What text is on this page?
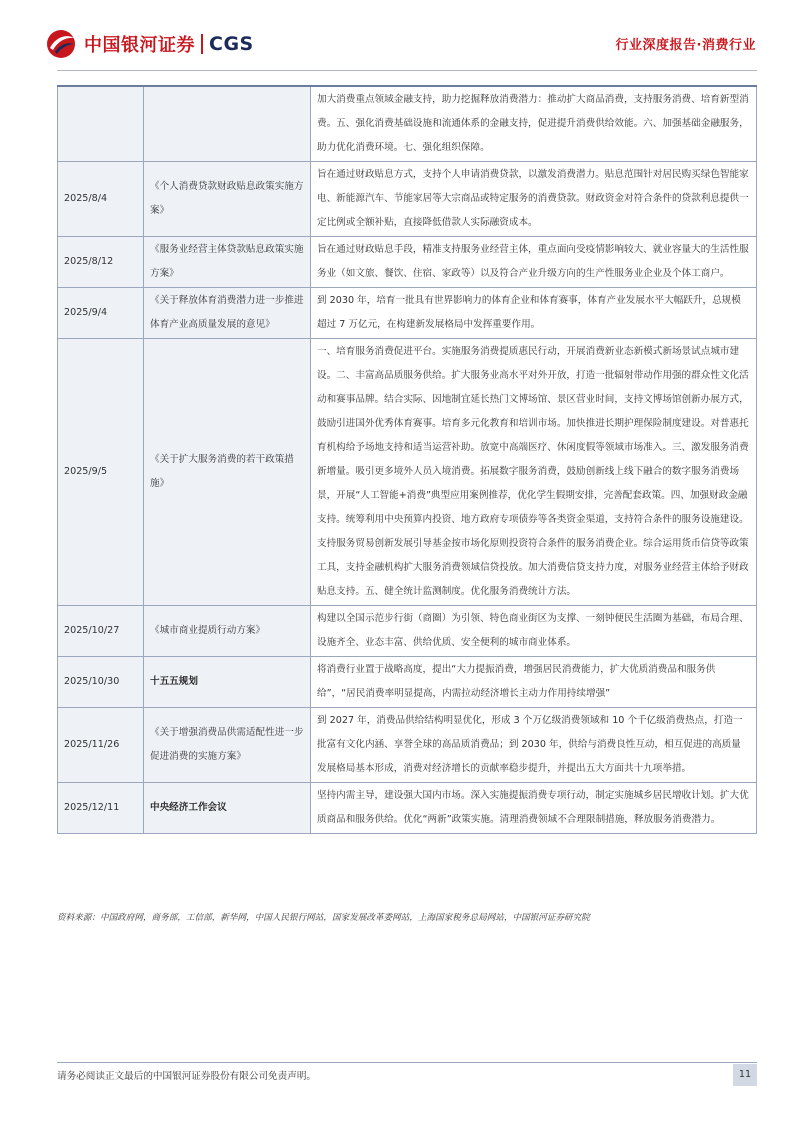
中国银河证券 CGS	行业深度报告·消费行业
		加大消费重点领域金融支持，助力挖掘释放消费潜力：推动扩大商品消费，支持服务消费、培育新型消费。五、强化消费基础设施和流通体系的金融支持，促进提升消费供给效能。六、加强基础金融服务，助力优化消费环境。七、强化组织保障。
2025/8/4	《个人消费贷款财政贴息政策实施方案》	旨在通过财政贴息方式，支持个人申请消费贷款，以激发消费潜力。贴息范围针对居民购买绿色智能家电、新能源汽车、节能家居等大宗商品或特定服务的消费贷款。财政资金对符合条件的贷款利息提供一定比例或全额补贴，直接降低借款人实际融资成本。
2025/8/12	《服务业经营主体贷款贴息政策实施方案》	旨在通过财政贴息手段，精准支持服务业经营主体，重点面向受疫情影响较大、就业容量大的生活性服务业（如文旅、餐饮、住宿、家政等）以及符合产业升级方向的生产性服务业企业及个体工商户。
2025/9/4	《关于释放体育消费潜力进一步推进体育产业高质量发展的意见》	到 2030 年，培育一批具有世界影响力的体育企业和体育赛事，体育产业发展水平大幅跃升，总规模超过 7 万亿元，在构建新发展格局中发挥重要作用。
2025/9/5	《关于扩大服务消费的若干政策措施》	一、培育服务消费促进平台。实施服务消费提质惠民行动，开展消费新业态新模式新场景试点城市建设。二、丰富高品质服务供给。扩大服务业高水平对外开放，打造一批辐射带动作用强的群众性文化活动和赛事品牌。结合实际、因地制宜延长热门文博场馆、景区营业时间，支持文博场馆创新办展方式，鼓励引进国外优秀体育赛事。培育多元化教育和培训市场。加快推进长期护理保险制度建设。对普惠托育机构给予场地支持和适当运营补助。放宽中高端医疗、休闲度假等领域市场准入。三、激发服务消费新增量。吸引更多境外人员入境消费。拓展数字服务消费，鼓励创新线上线下融合的数字服务消费场景，开展“人工智能+消费”典型应用案例推荐，优化学生假期安排，完善配套政策。四、加强财政金融支持。统筹利用中央预算内投资、地方政府专项债券等各类资金渠道，支持符合条件的服务设施建设。支持服务贸易创新发展引导基金按市场化原则投资符合条件的服务消费企业。综合运用货币信贷等政策工具，支持金融机构扩大服务消费领域信贷投放。加大消费信贷支持力度，对服务业经营主体给予财政贴息支持。五、健全统计监测制度。优化服务消费统计方法。
2025/10/27	《城市商业提质行动方案》	构建以全国示范步行街（商圈）为引领、特色商业街区为支撑、一刻钟便民生活圈为基础，布局合理、设施齐全、业态丰富、供给优质、安全便利的城市商业体系。
2025/10/30	十五五规划	将消费行业置于战略高度，提出“大力提振消费，增强居民消费能力，扩大优质消费品和服务供给”，“居民消费率明显提高，内需拉动经济增长主动力作用持续增强”
2025/11/26	《关于增强消费品供需适配性进一步促进消费的实施方案》	到 2027 年，消费品供给结构明显优化，形成 3 个万亿级消费领域和 10 个千亿级消费热点，打造一批富有文化内涵、享誉全球的高品质消费品；到 2030 年，供给与消费良性互动，相互促进的高质量发展格局基本形成，消费对经济增长的贡献率稳步提升，并提出五大方面共十九项举措。
2025/12/11	中央经济工作会议	坚持内需主导，建设强大国内市场。深入实施提振消费专项行动，制定实施城乡居民增收计划。扩大优质商品和服务供给。优化“两新”政策实施。清理消费领域不合理限制措施，释放服务消费潜力。
资料来源：中国政府网，商务部，工信部，新华网，中国人民银行网站，国家发展改革委网站，上海国家税务总局网站，中国银河证券研究院
请务必阅读正文最后的中国银河证券股份有限公司免责声明。	11
